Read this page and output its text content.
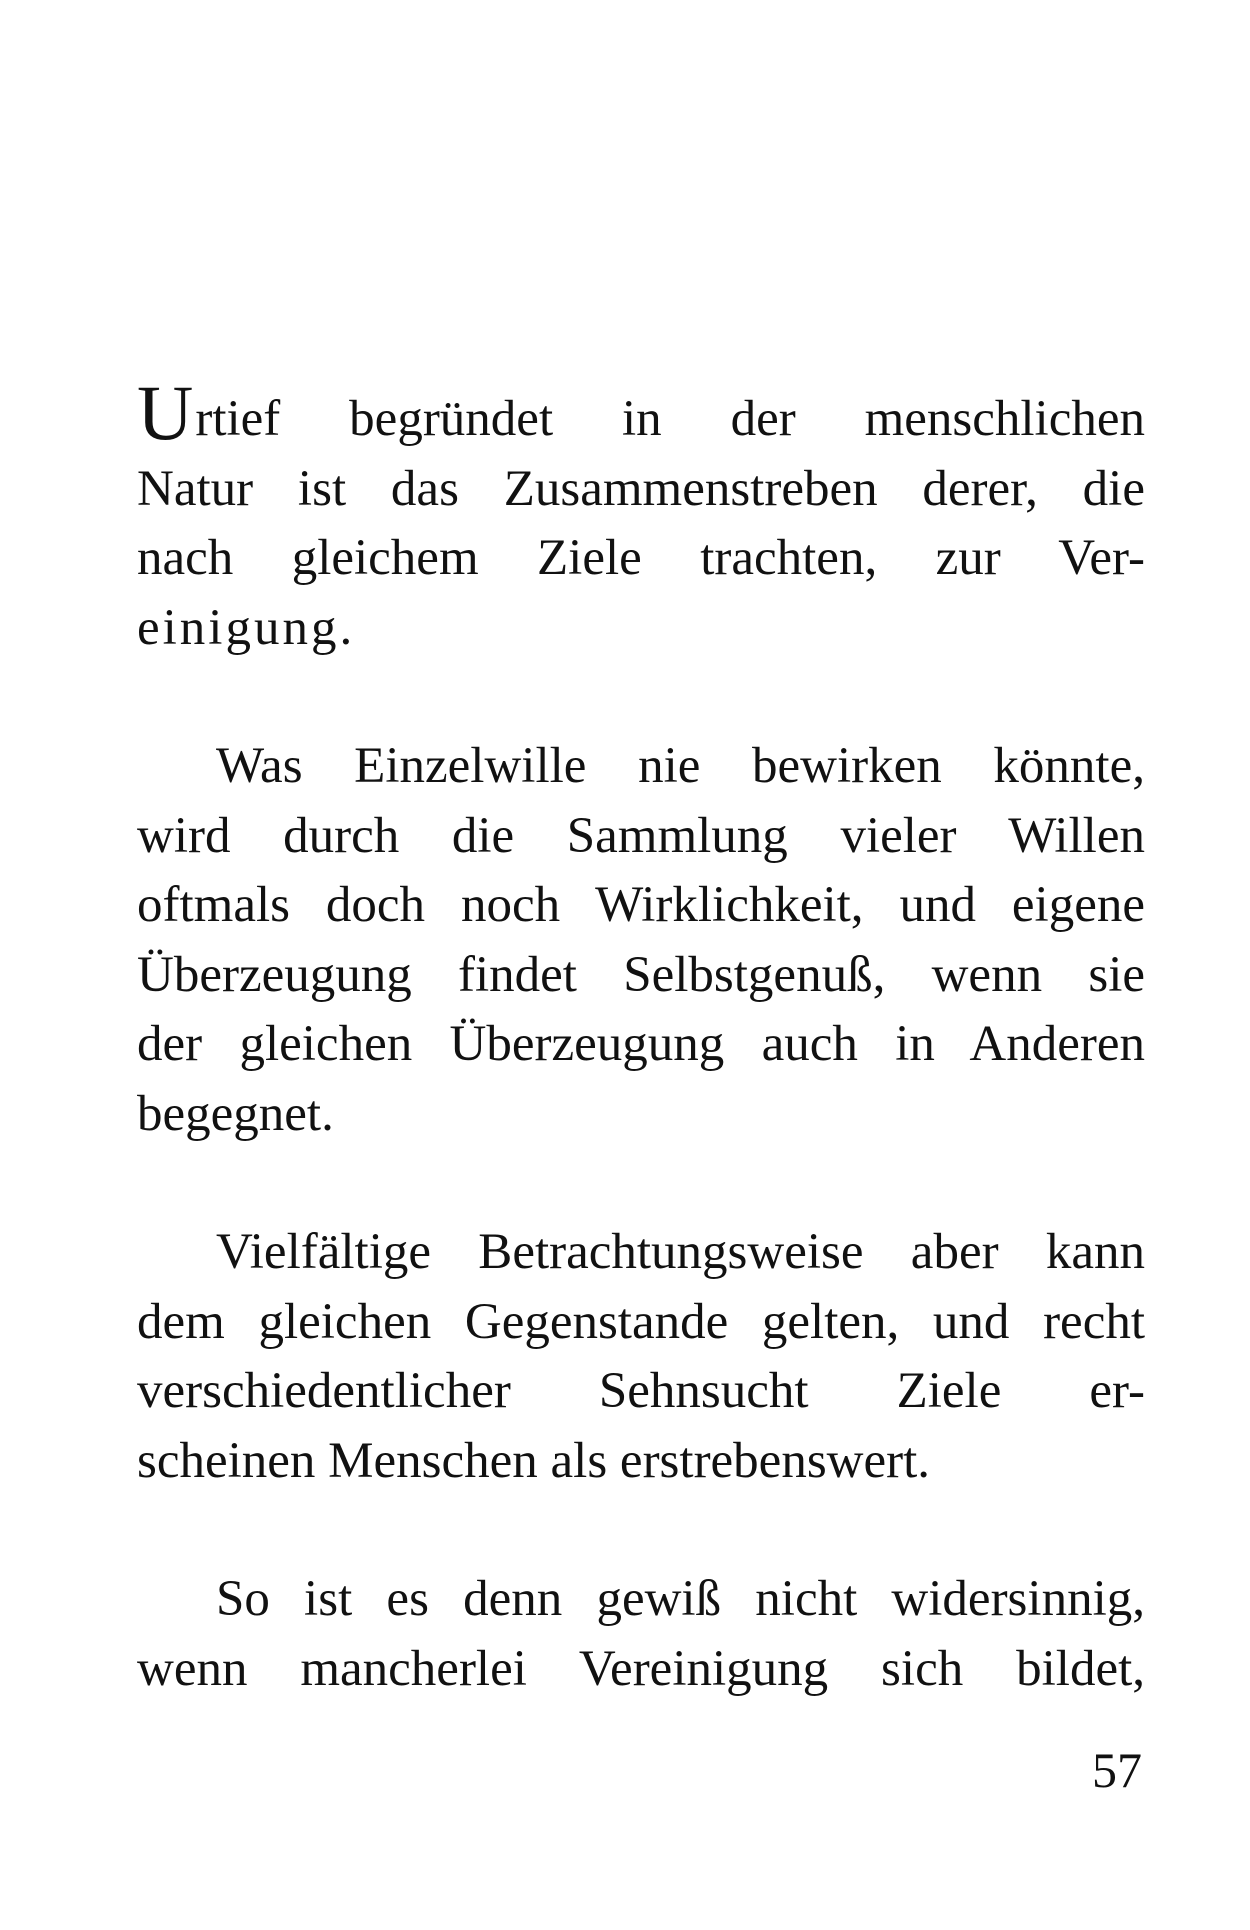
Urtief begründet in der menschlichen
Natur ist das Zusammenstreben derer, die
nach gleichem Ziele trachten, zur Ver-
einigung.

Was Einzelwille nie bewirken könnte,
wird durch die Sammlung vieler Willen
oftmals doch noch Wirklichkeit, und eigene
Überzeugung findet Selbstgenuß, wenn sie
der gleichen Überzeugung auch in Anderen
begegnet.

Vielfältige Betrachtungsweise aber kann
dem gleichen Gegenstande gelten, und recht
verschiedentlicher Sehnsucht Ziele er-
scheinen Menschen als erstrebenswert.

So ist es denn gewiß nicht widersinnig,
wenn mancherlei Vereinigung sich bildet,

57
